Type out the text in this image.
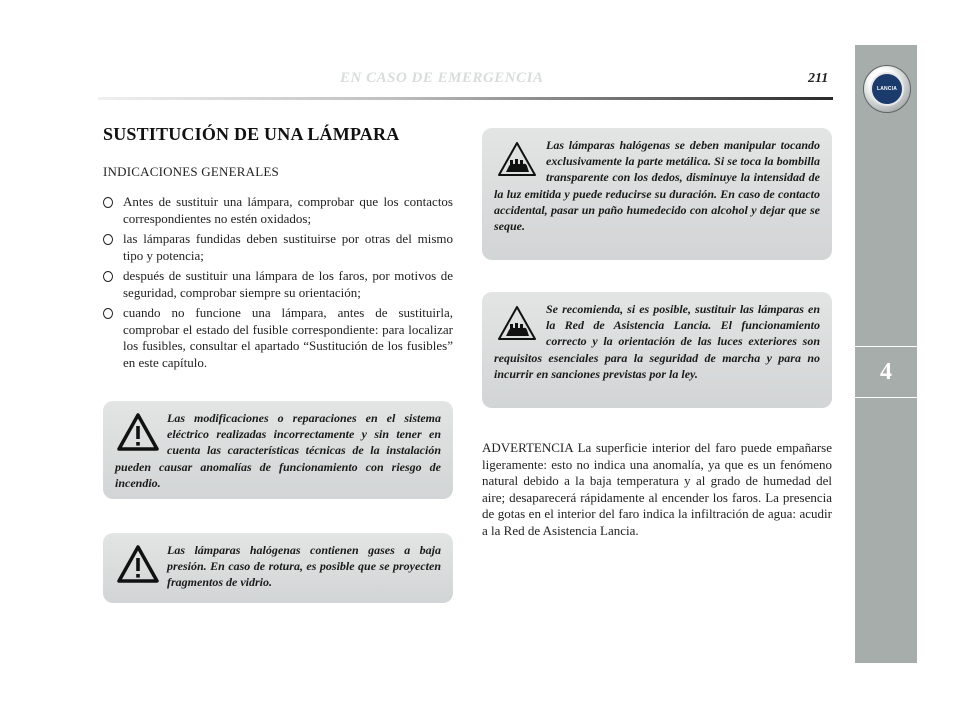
LANCIA
4
EN CASO DE EMERGENCIA	211
SUSTITUCIÓN DE UNA LÁMPARA
INDICACIONES GENERALES
Antes de sustituir una lámpara, comprobar que los contactos correspondientes no estén oxidados;
las lámparas fundidas deben sustituirse por otras del mismo tipo y potencia;
después de sustituir una lámpara de los faros, por motivos de seguridad, comprobar siempre su orientación;
cuando no funcione una lámpara, antes de sustituirla, comprobar el estado del fusible correspondiente: para localizar los fusibles, consultar el apartado “Sustitución de los fusibles” en este capítulo.
Las modificaciones o reparaciones en el sistema eléctrico realizadas incorrectamente y sin tener en cuenta las características técnicas de la instalación pueden causar anomalías de funcionamiento con riesgo de incendio.
Las lámparas halógenas contienen gases a baja presión. En caso de rotura, es posible que se proyecten fragmentos de vidrio.
Las lámparas halógenas se deben manipular tocando exclusivamente la parte metálica. Si se toca la bombilla transparente con los dedos, disminuye la intensidad de la luz emitida y puede reducirse su duración. En caso de contacto accidental, pasar un paño humedecido con alcohol y dejar que se seque.
Se recomienda, si es posible, sustituir las lámparas en la Red de Asistencia Lancia. El funcionamiento correcto y la orientación de las luces exteriores son requisitos esenciales para la seguridad de marcha y para no incurrir en sanciones previstas por la ley.

ADVERTENCIA La superficie interior del faro puede empañarse ligeramente: esto no indica una anomalía, ya que es un fenómeno natural debido a la baja temperatura y al grado de humedad del aire; desaparecerá rápidamente al encender los faros. La presencia de gotas en el interior del faro indica la infiltración de agua: acudir a la Red de Asistencia Lancia.
